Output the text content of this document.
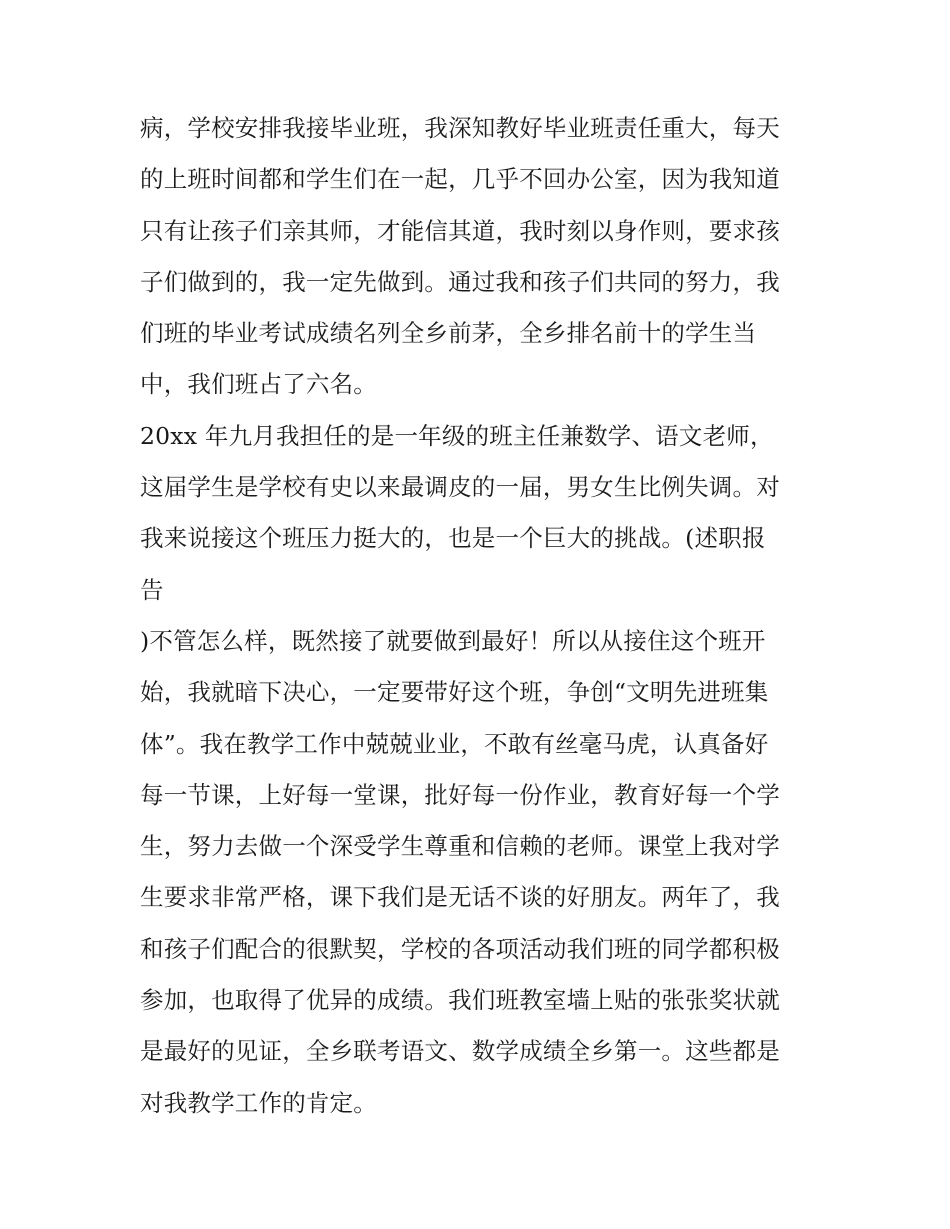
病，学校安排我接毕业班，我深知教好毕业班责任重大，每天
的上班时间都和学生们在一起，几乎不回办公室，因为我知道
只有让孩子们亲其师，才能信其道，我时刻以身作则，要求孩
子们做到的，我一定先做到。通过我和孩子们共同的努力，我
们班的毕业考试成绩名列全乡前茅，全乡排名前十的学生当
中，我们班占了六名。
20xx 年九月我担任的是一年级的班主任兼数学、语文老师，
这届学生是学校有史以来最调皮的一届，男女生比例失调。对
我来说接这个班压力挺大的，也是一个巨大的挑战。(述职报
告
)不管怎么样，既然接了就要做到最好！所以从接住这个班开
始，我就暗下决心，一定要带好这个班，争创“文明先进班集
体”。我在教学工作中兢兢业业，不敢有丝毫马虎，认真备好
每一节课，上好每一堂课，批好每一份作业，教育好每一个学
生，努力去做一个深受学生尊重和信赖的老师。课堂上我对学
生要求非常严格，课下我们是无话不谈的好朋友。两年了，我
和孩子们配合的很默契，学校的各项活动我们班的同学都积极
参加，也取得了优异的成绩。我们班教室墙上贴的张张奖状就
是最好的见证，全乡联考语文、数学成绩全乡第一。这些都是
对我教学工作的肯定。
